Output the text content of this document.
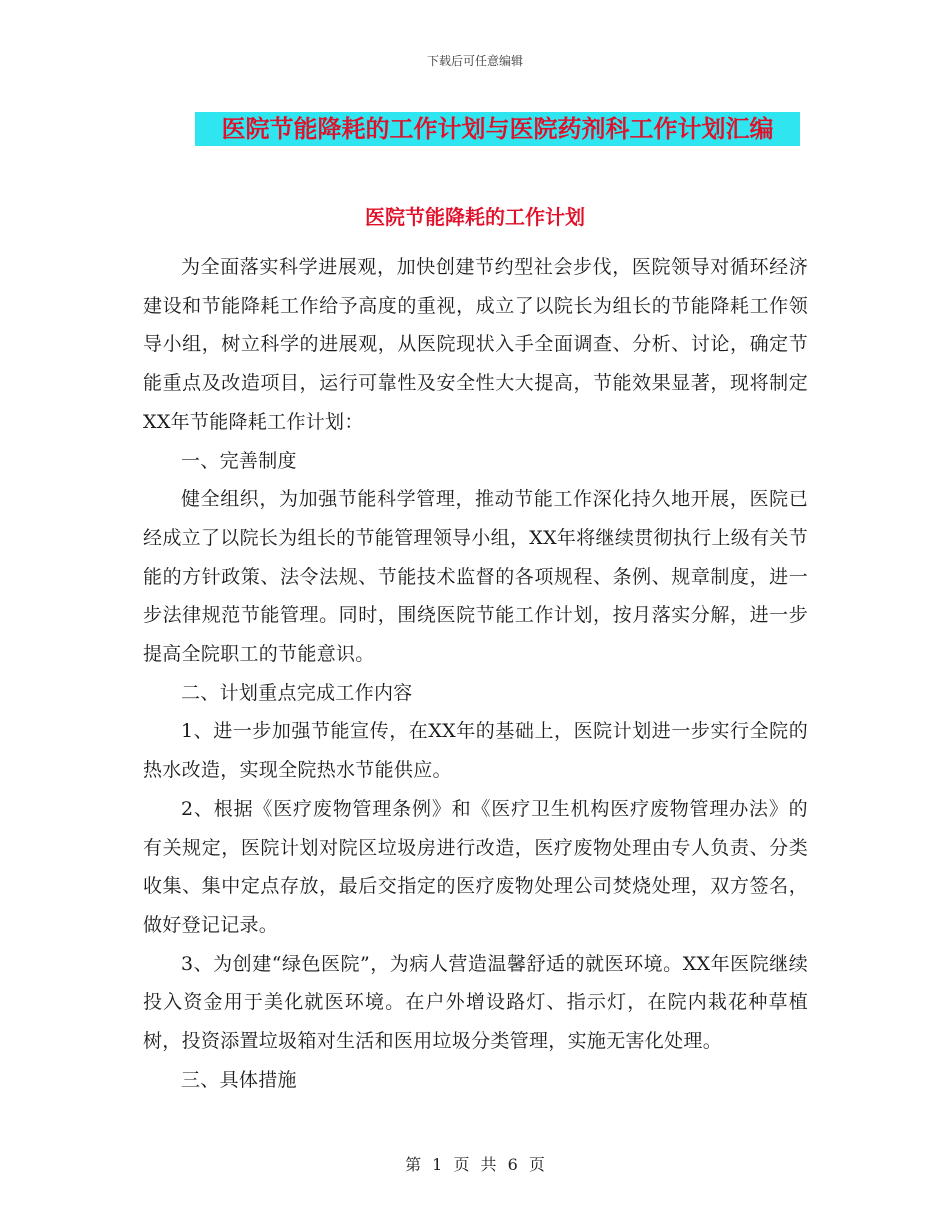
下载后可任意编辑
医院节能降耗的工作计划与医院药剂科工作计划汇编
医院节能降耗的工作计划

为全面落实科学进展观，加快创建节约型社会步伐，医院领导对循环经济建设和节能降耗工作给予高度的重视，成立了以院长为组长的节能降耗工作领导小组，树立科学的进展观，从医院现状入手全面调查、分析、讨论，确定节能重点及改造项目，运行可靠性及安全性大大提高，节能效果显著，现将制定XX年节能降耗工作计划：

一、完善制度

健全组织，为加强节能科学管理，推动节能工作深化持久地开展，医院已经成立了以院长为组长的节能管理领导小组，XX年将继续贯彻执行上级有关节能的方针政策、法令法规、节能技术监督的各项规程、条例、规章制度，进一步法律规范节能管理。同时，围绕医院节能工作计划，按月落实分解，进一步提高全院职工的节能意识。

二、计划重点完成工作内容

1、进一步加强节能宣传，在XX年的基础上，医院计划进一步实行全院的热水改造，实现全院热水节能供应。

2、根据《医疗废物管理条例》和《医疗卫生机构医疗废物管理办法》的有关规定，医院计划对院区垃圾房进行改造，医疗废物处理由专人负责、分类收集、集中定点存放，最后交指定的医疗废物处理公司焚烧处理，双方签名，做好登记记录。

3、为创建“绿色医院”，为病人营造温馨舒适的就医环境。XX年医院继续投入资金用于美化就医环境。在户外增设路灯、指示灯，在院内栽花种草植树，投资添置垃圾箱对生活和医用垃圾分类管理，实施无害化处理。

三、具体措施

第 1 页 共 6 页
